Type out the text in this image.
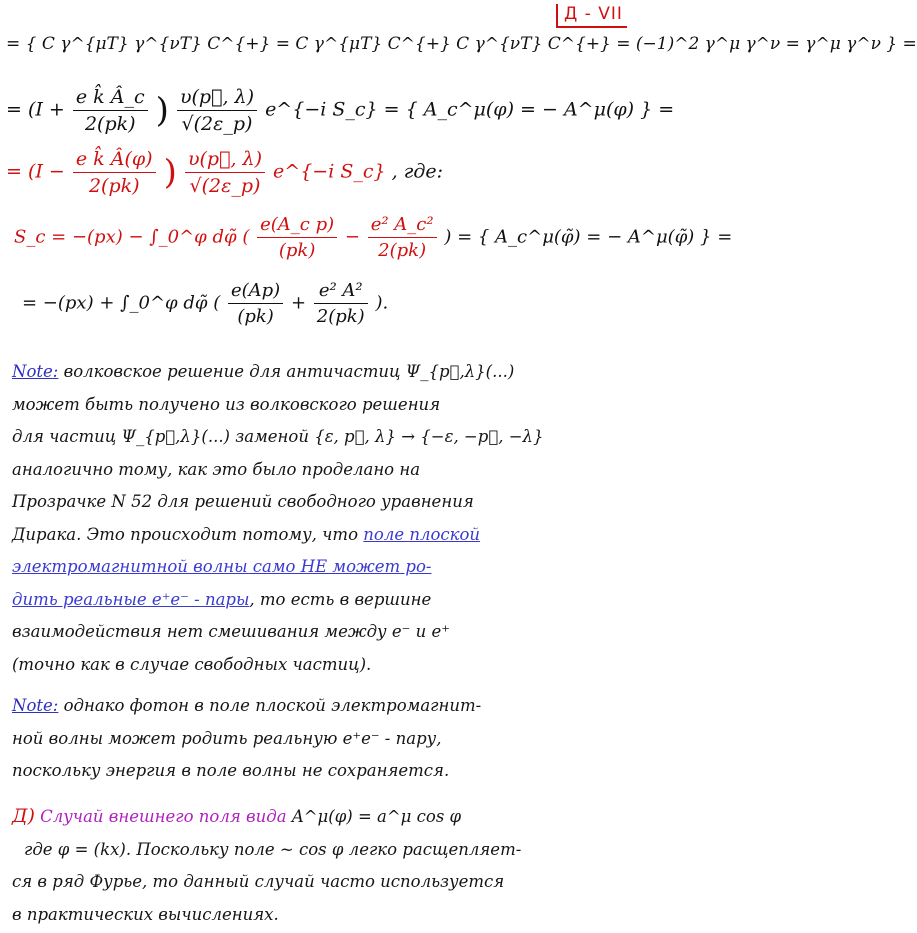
Д - VII
= { C γ^{μT} γ^{νT} C^{+} = C γ^{μT} C^{+} C γ^{νT} C^{+} = (−1)^2 γ^μ γ^ν = γ^μ γ^ν } =
= ($I + \frac{\text{e k̂ Â\_c}}{2(pk)}$ ) $\frac{\upsilon(p⃗, \lambda)}{√(2\varepsilon\_p)}$ e^{−i S_c} = { A_c^μ(φ) = − A^μ(φ) } =
= ($I - \frac{\text{e k̂ Â(φ)}}{2(pk)}$ ) $\frac{\upsilon(p⃗, \lambda)}{√(2\varepsilon\_p)}$ e^{−i S_c} , где:
S_c = −(px) − ∫_0^φ dφ̃ ( $\frac{\text{e(A\_c p)}}{(pk)} - \frac{\text{e² A\_c²}}{2(pk)}$ ) = { A_c^μ(φ̃) = − A^μ(φ̃) } =
= −(px) + ∫_0^φ dφ̃ ( $\frac{e(Ap)}{(pk)} + \frac{\text{e² A²}}{2(pk)}$ ).
Note: волковское решение для античастиц Ψ_{p⃗,λ}(...)
может быть получено из волковского решения
для частиц Ψ_{p⃗,λ}(...) заменой {ε, p⃗, λ} → {−ε, −p⃗, −λ}
аналогично тому, как это было проделано на
Прозрачке N 52 для решений свободного уравнения
Дирака. Это происходит потому, что поле плоской
электромагнитной волны само НЕ может ро-
дить реальные e⁺e⁻ - пары, то есть в вершине
взаимодействия нет смешивания между e⁻ и e⁺
(точно как в случае свободных частиц).
Note: однако фотон в поле плоской электромагнит-
ной волны может родить реальную e⁺e⁻ - пару,
поскольку энергия в поле волны не сохраняется.
Д) Случай внешнего поля вида A^μ(φ) = a^μ cos φ
где φ = (kx). Поскольку поле ~ cos φ легко расщепляет-
ся в ряд Фурье, то данный случай часто используется
в практических вычислениях.
